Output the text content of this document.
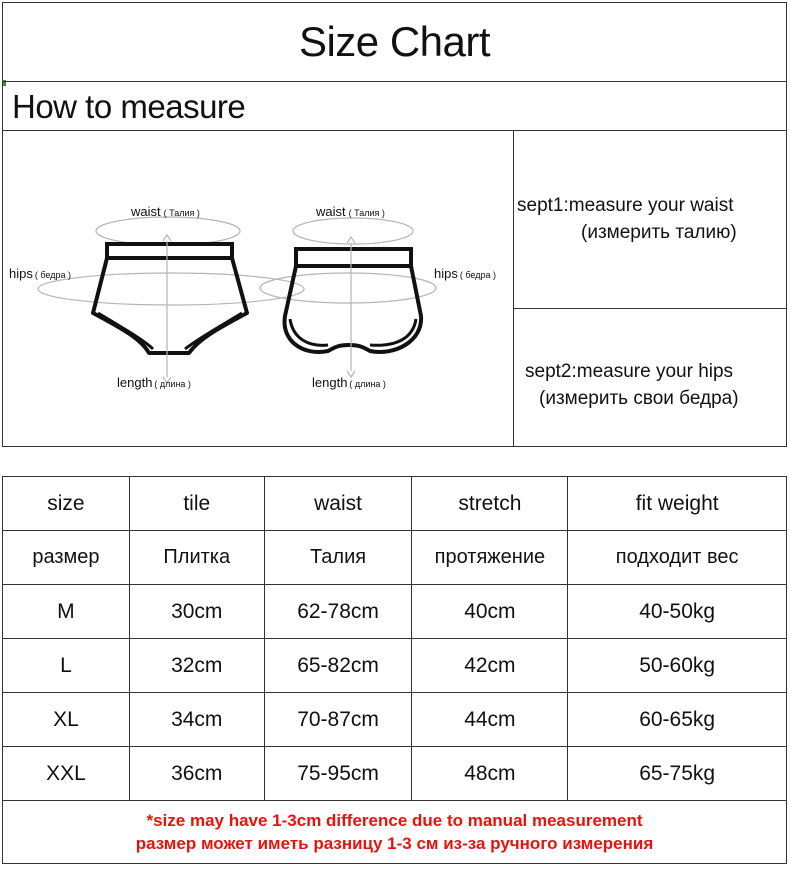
Size Chart
How to measure
waist ( Талия )
hips ( бедра )
length ( длина )
waist ( Талия )
hips ( бедра )
length ( длина )
sept1:measure your waist
(измерить талию)
sept2:measure your hips
(измерить свои бедра)
size	tile	waist	stretch	fit weight
размер	Плитка	Талия	протяжение	подходит вес
M	30cm	62-78cm	40cm	40-50kg
L	32cm	65-82cm	42cm	50-60kg
XL	34cm	70-87cm	44cm	60-65kg
XXL	36cm	75-95cm	48cm	65-75kg
*size may have 1-3cm difference due to manual measurement
размер может иметь разницу 1-3 см из-за ручного измерения
